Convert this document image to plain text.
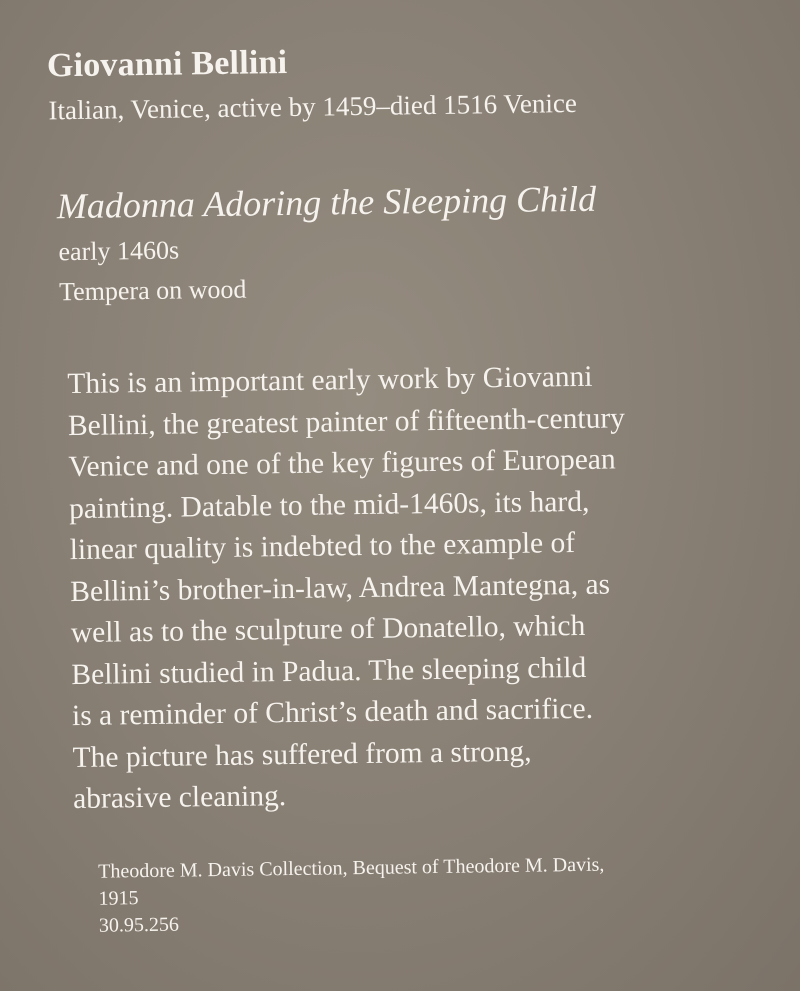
Giovanni Bellini
Italian, Venice, active by 1459–died 1516 Venice
Madonna Adoring the Sleeping Child
early 1460s
Tempera on wood
This is an important early work by Giovanni
Bellini, the greatest painter of fifteenth-century
Venice and one of the key figures of European
painting. Datable to the mid-1460s, its hard,
linear quality is indebted to the example of
Bellini’s brother-in-law, Andrea Mantegna, as
well as to the sculpture of Donatello, which
Bellini studied in Padua. The sleeping child
is a reminder of Christ’s death and sacrifice.
The picture has suffered from a strong,
abrasive cleaning.
Theodore M. Davis Collection, Bequest of Theodore M. Davis,
1915
30.95.256
